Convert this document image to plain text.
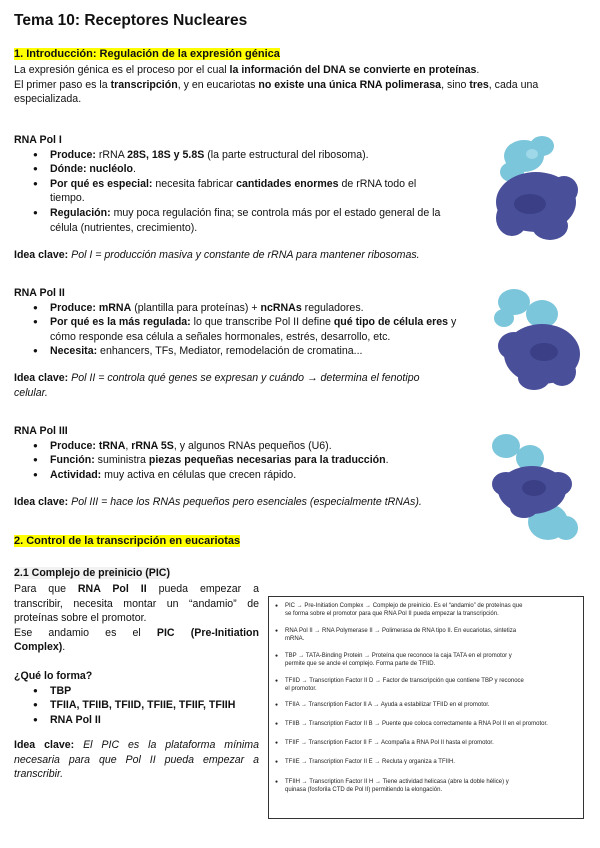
Tema 10: Receptores Nucleares
1. Introducción: Regulación de la expresión génica
La expresión génica es el proceso por el cual la información del DNA se convierte en proteínas.
El primer paso es la transcripción, y en eucariotas no existe una única RNA polimerasa, sino tres, cada una
especializada.
RNA Pol I
● Produce: rRNA 28S, 18S y 5.8S (la parte estructural del ribosoma).
● Dónde: nucléolo.
● Por qué es especial: necesita fabricar cantidades enormes de rRNA todo el
tiempo.
● Regulación: muy poca regulación fina; se controla más por el estado general de la
célula (nutrientes, crecimiento).
Idea clave: Pol I = producción masiva y constante de rRNA para mantener ribosomas.
RNA Pol II
● Produce: mRNA (plantilla para proteínas) + ncRNAs reguladores.
● Por qué es la más regulada: lo que transcribe Pol II define qué tipo de célula eres y
cómo responde esa célula a señales hormonales, estrés, desarrollo, etc.
● Necesita: enhancers, TFs, Mediator, remodelación de cromatina...
Idea clave: Pol II = controla qué genes se expresan y cuándo → determina el fenotipo
celular.
RNA Pol III
● Produce: tRNA, rRNA 5S, y algunos RNAs pequeños (U6).
● Función: suministra piezas pequeñas necesarias para la traducción.
● Actividad: muy activa en células que crecen rápido.
Idea clave: Pol III = hace los RNAs pequeños pero esenciales (especialmente tRNAs).
2. Control de la transcripción en eucariotas
2.1 Complejo de preinicio (PIC)
Para que RNA Pol II pueda empezar a
transcribir, necesita montar un “andamio” de
proteínas sobre el promotor.
Ese andamio es el PIC (Pre-Initiation
Complex).
¿Qué lo forma?
● TBP
● TFIIA, TFIIB, TFIID, TFIIE, TFIIF, TFIIH
● RNA Pol II
Idea clave: El PIC es la plataforma mínima
necesaria para que Pol II pueda empezar a
transcribir.
● PIC → Pre-Initiation Complex → Complejo de preinicio. Es el “andamio” de proteínas que
se forma sobre el promotor para que RNA Pol II pueda empezar la transcripción.
● RNA Pol II → RNA Polymerase II → Polimerasa de RNA tipo II. En eucariotas, sintetiza
mRNA.
● TBP → TATA-Binding Protein → Proteína que reconoce la caja TATA en el promotor y
permite que se ancle el complejo. Forma parte de TFIID.
● TFIID → Transcription Factor II D → Factor de transcripción que contiene TBP y reconoce
el promotor.
● TFIIA → Transcription Factor II A → Ayuda a estabilizar TFIID en el promotor.
● TFIIB → Transcription Factor II B → Puente que coloca correctamente a RNA Pol II en el promotor.
● TFIIF → Transcription Factor II F → Acompaña a RNA Pol II hasta el promotor.
● TFIIE → Transcription Factor II E → Recluta y organiza a TFIIH.
● TFIIH → Transcription Factor II H → Tiene actividad helicasa (abre la doble hélice) y
quinasa (fosforila CTD de Pol II) permitiendo la elongación.
